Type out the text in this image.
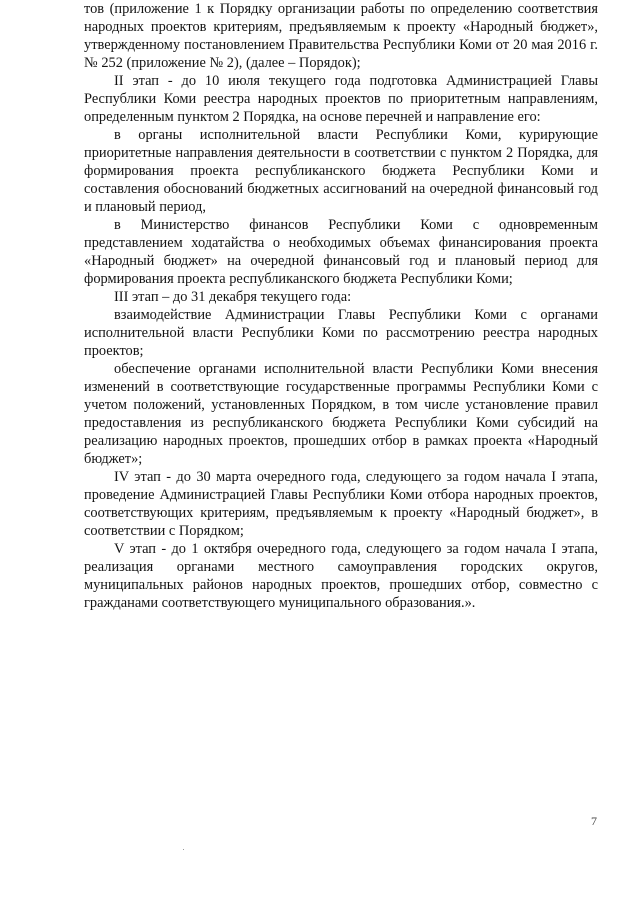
тов (приложение 1 к Порядку организации работы по определению соответствия народных проектов критериям, предъявляемым к проекту «Народный бюджет», утвержденному постановлением Правительства Республики Коми от 20 мая 2016 г. № 252 (приложение № 2), (далее – Порядок);

II этап - до 10 июля текущего года подготовка Администрацией Главы Республики Коми реестра народных проектов по приоритетным направлениям, определенным пунктом 2 Порядка, на основе перечней и направление его:

в органы исполнительной власти Республики Коми, курирующие приоритетные направления деятельности в соответствии с пунктом 2 Порядка, для формирования проекта республиканского бюджета Республики Коми и составления обоснований бюджетных ассигнований на очередной финансовый год и плановый период,

в Министерство финансов Республики Коми с одновременным представлением ходатайства о необходимых объемах финансирования проекта «Народный бюджет» на очередной финансовый год и плановый период для формирования проекта республиканского бюджета Республики Коми;

III этап – до 31 декабря текущего года:

взаимодействие Администрации Главы Республики Коми с органами исполнительной власти Республики Коми по рассмотрению реестра народных проектов;

обеспечение органами исполнительной власти Республики Коми внесения изменений в соответствующие государственные программы Республики Коми с учетом положений, установленных Порядком, в том числе установление правил предоставления из республиканского бюджета Республики Коми субсидий на реализацию народных проектов, прошедших отбор в рамках проекта «Народный бюджет»;

IV этап - до 30 марта очередного года, следующего за годом начала I этапа, проведение Администрацией Главы Республики Коми отбора народных проектов, соответствующих критериям, предъявляемым к проекту «Народный бюджет», в соответствии с Порядком;

V этап - до 1 октября очередного года, следующего за годом начала I этапа, реализация органами местного самоуправления городских округов, муниципальных районов народных проектов, прошедших отбор, совместно с гражданами соответствующего муниципального образования.».

7
